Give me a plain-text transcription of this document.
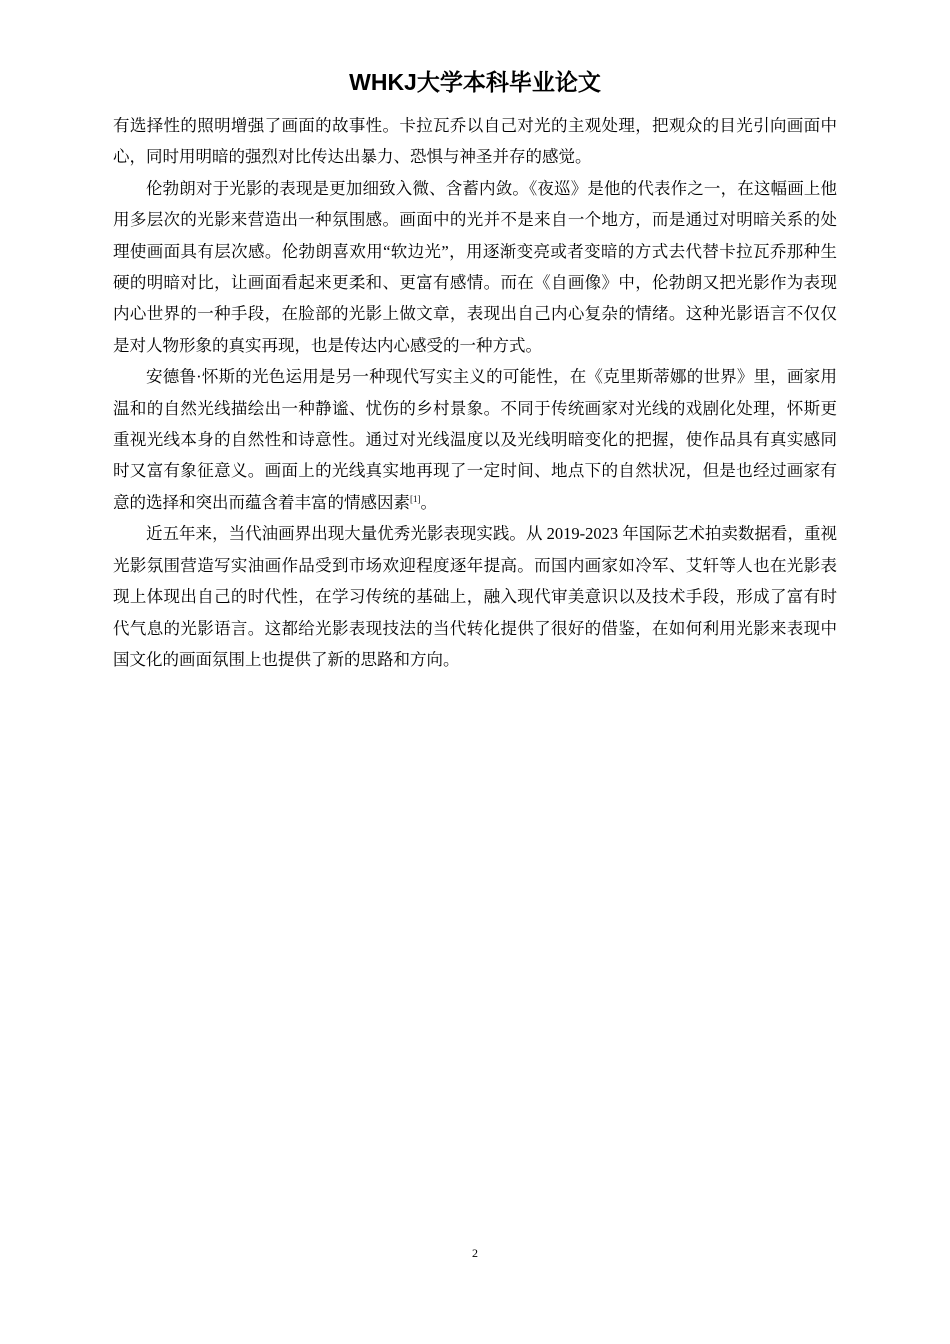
WHKJ大学本科毕业论文

有选择性的照明增强了画面的故事性。卡拉瓦乔以自己对光的主观处理，把观众的目光引向画面中心，同时用明暗的强烈对比传达出暴力、恐惧与神圣并存的感觉。

伦勃朗对于光影的表现是更加细致入微、含蓄内敛。《夜巡》是他的代表作之一，在这幅画上他用多层次的光影来营造出一种氛围感。画面中的光并不是来自一个地方，而是通过对明暗关系的处理使画面具有层次感。伦勃朗喜欢用“软边光”，用逐渐变亮或者变暗的方式去代替卡拉瓦乔那种生硬的明暗对比，让画面看起来更柔和、更富有感情。而在《自画像》中，伦勃朗又把光影作为表现内心世界的一种手段，在脸部的光影上做文章，表现出自己内心复杂的情绪。这种光影语言不仅仅是对人物形象的真实再现，也是传达内心感受的一种方式。

安德鲁·怀斯的光色运用是另一种现代写实主义的可能性，在《克里斯蒂娜的世界》里，画家用温和的自然光线描绘出一种静谧、忧伤的乡村景象。不同于传统画家对光线的戏剧化处理，怀斯更重视光线本身的自然性和诗意性。通过对光线温度以及光线明暗变化的把握，使作品具有真实感同时又富有象征意义。画面上的光线真实地再现了一定时间、地点下的自然状况，但是也经过画家有意的选择和突出而蕴含着丰富的情感因素[1]。

近五年来，当代油画界出现大量优秀光影表现实践。从 2019-2023 年国际艺术拍卖数据看，重视光影氛围营造写实油画作品受到市场欢迎程度逐年提高。而国内画家如冷军、艾轩等人也在光影表现上体现出自己的时代性，在学习传统的基础上，融入现代审美意识以及技术手段，形成了富有时代气息的光影语言。这都给光影表现技法的当代转化提供了很好的借鉴，在如何利用光影来表现中国文化的画面氛围上也提供了新的思路和方向。

2
